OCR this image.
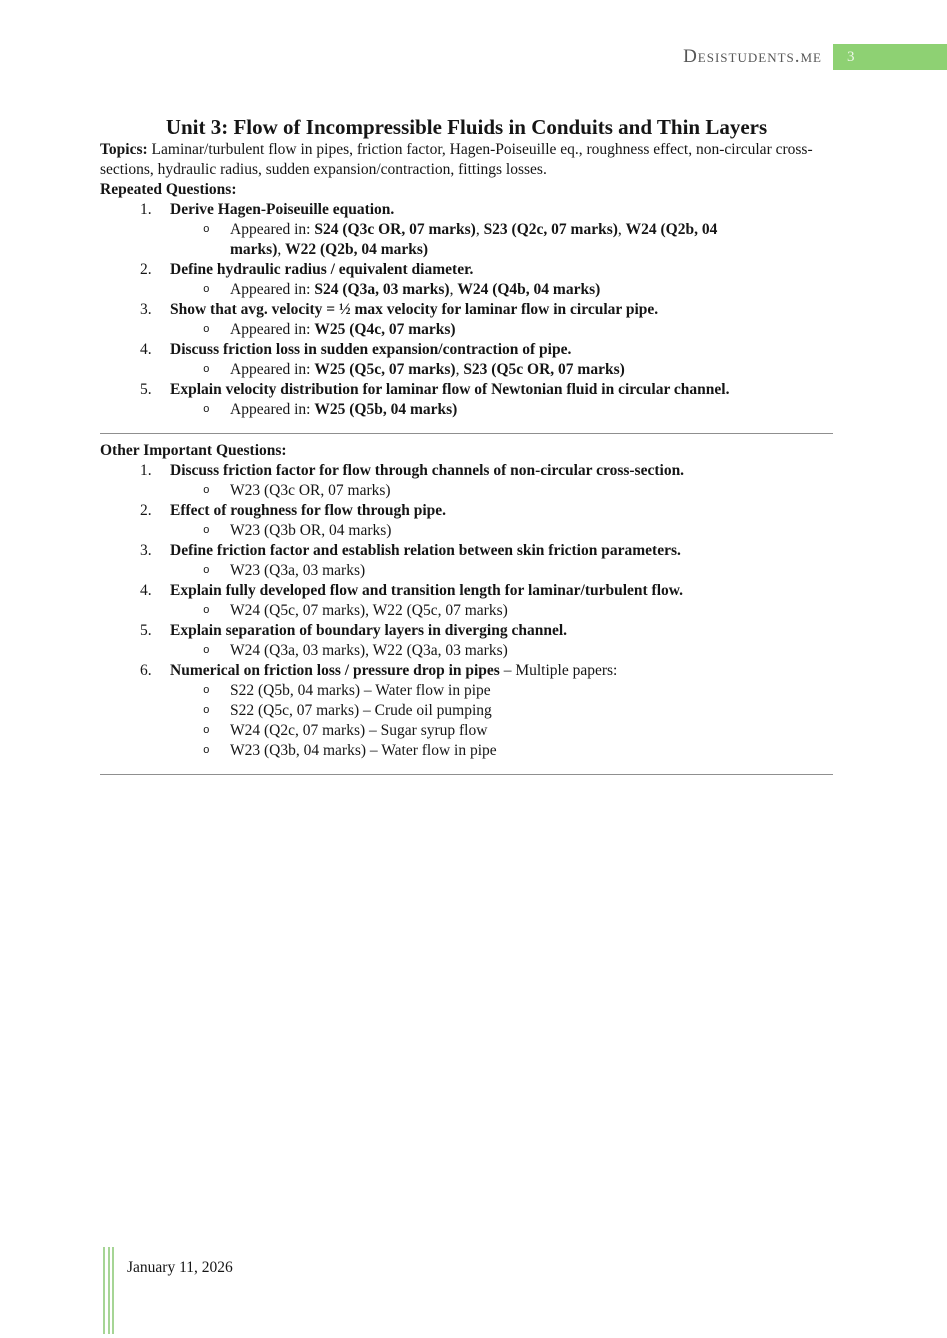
Desistudents.me	3
Unit 3: Flow of Incompressible Fluids in Conduits and Thin Layers

Topics: Laminar/turbulent flow in pipes, friction factor, Hagen-Poiseuille eq., roughness effect, non-circular cross-sections, hydraulic radius, sudden expansion/contraction, fittings losses.

Repeated Questions:
1. Derive Hagen-Poiseuille equation.
o Appeared in: S24 (Q3c OR, 07 marks), S23 (Q2c, 07 marks), W24 (Q2b, 04 marks), W22 (Q2b, 04 marks)
2. Define hydraulic radius / equivalent diameter.
o Appeared in: S24 (Q3a, 03 marks), W24 (Q4b, 04 marks)
3. Show that avg. velocity = ½ max velocity for laminar flow in circular pipe.
o Appeared in: W25 (Q4c, 07 marks)
4. Discuss friction loss in sudden expansion/contraction of pipe.
o Appeared in: W25 (Q5c, 07 marks), S23 (Q5c OR, 07 marks)
5. Explain velocity distribution for laminar flow of Newtonian fluid in circular channel.
o Appeared in: W25 (Q5b, 04 marks)
Other Important Questions:
1. Discuss friction factor for flow through channels of non-circular cross-section.
o W23 (Q3c OR, 07 marks)
2. Effect of roughness for flow through pipe.
o W23 (Q3b OR, 04 marks)
3. Define friction factor and establish relation between skin friction parameters.
o W23 (Q3a, 03 marks)
4. Explain fully developed flow and transition length for laminar/turbulent flow.
o W24 (Q5c, 07 marks), W22 (Q5c, 07 marks)
5. Explain separation of boundary layers in diverging channel.
o W24 (Q3a, 03 marks), W22 (Q3a, 03 marks)
6. Numerical on friction loss / pressure drop in pipes – Multiple papers:
o S22 (Q5b, 04 marks) – Water flow in pipe
o S22 (Q5c, 07 marks) – Crude oil pumping
o W24 (Q2c, 07 marks) – Sugar syrup flow
o W23 (Q3b, 04 marks) – Water flow in pipe
January 11, 2026
